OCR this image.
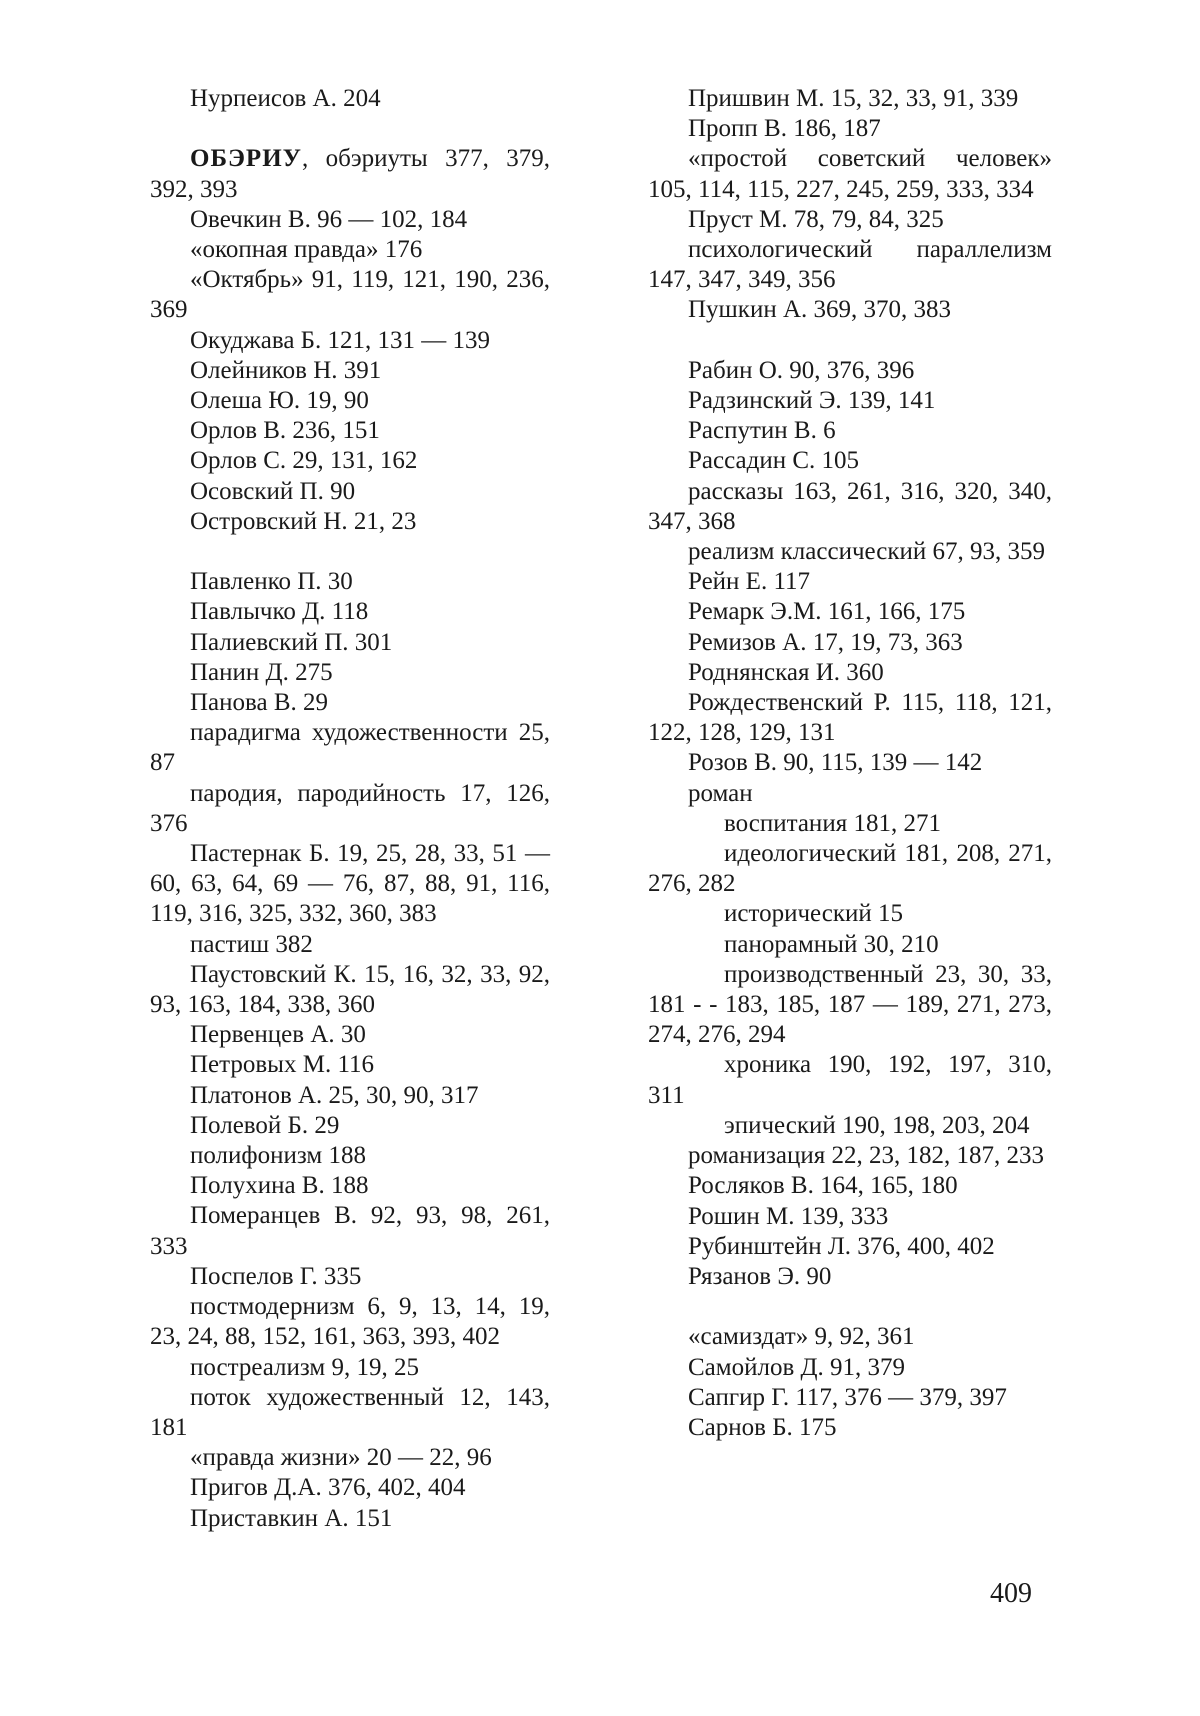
Нурпеисов А. 204

ОБЭРИУ, обэриуты 377, 379, 392, 393

Овечкин В. 96 — 102, 184

«окопная правда» 176

«Октябрь» 91, 119, 121, 190, 236, 369

Окуджава Б. 121, 131 — 139

Олейников Н. 391

Олеша Ю. 19, 90

Орлов В. 236, 151

Орлов С. 29, 131, 162

Осовский П. 90

Островский Н. 21, 23

Павленко П. 30

Павлычко Д. 118

Палиевский П. 301

Панин Д. 275

Панова В. 29

парадигма художественности 25, 87

пародия, пародийность 17, 126, 376

Пастернак Б. 19, 25, 28, 33, 51 — 60, 63, 64, 69 — 76, 87, 88, 91, 116, 119, 316, 325, 332, 360, 383

пастиш 382

Паустовский К. 15, 16, 32, 33, 92, 93, 163, 184, 338, 360

Первенцев А. 30

Петровых М. 116

Платонов А. 25, 30, 90, 317

Полевой Б. 29

полифонизм 188

Полухина В. 188

Померанцев В. 92, 93, 98, 261, 333

Поспелов Г. 335

постмодернизм 6, 9, 13, 14, 19, 23, 24, 88, 152, 161, 363, 393, 402

постреализм 9, 19, 25

поток художественный 12, 143, 181

«правда жизни» 20 — 22, 96

Пригов Д.А. 376, 402, 404

Приставкин А. 151

Пришвин М. 15, 32, 33, 91, 339

Пропп В. 186, 187

«простой советский человек» 105, 114, 115, 227, 245, 259, 333, 334

Пруст М. 78, 79, 84, 325

психологический параллелизм 147, 347, 349, 356

Пушкин А. 369, 370, 383

Рабин О. 90, 376, 396

Радзинский Э. 139, 141

Распутин В. 6

Рассадин С. 105

рассказы 163, 261, 316, 320, 340, 347, 368

реализм классический 67, 93, 359

Рейн Е. 117

Ремарк Э.М. 161, 166, 175

Ремизов А. 17, 19, 73, 363

Роднянская И. 360

Рождественский Р. 115, 118, 121, 122, 128, 129, 131

Розов В. 90, 115, 139 — 142

роман

воспитания 181, 271

идеологический 181, 208, 271, 276, 282

исторический 15

панорамный 30, 210

производственный 23, 30, 33, 181 - - 183, 185, 187 — 189, 271, 273, 274, 276, 294

хроника 190, 192, 197, 310, 311

эпический 190, 198, 203, 204

романизация 22, 23, 182, 187, 233

Росляков В. 164, 165, 180

Рошин М. 139, 333

Рубинштейн Л. 376, 400, 402

Рязанов Э. 90

«самиздат» 9, 92, 361

Самойлов Д. 91, 379

Сапгир Г. 117, 376 — 379, 397

Сарнов Б. 175

409
